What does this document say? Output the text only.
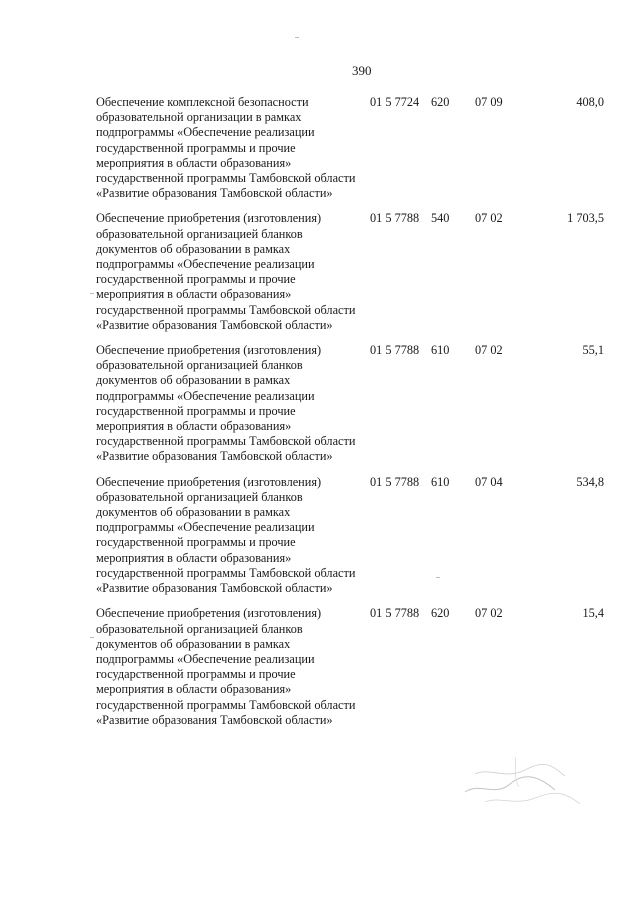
390
Обеспечение комплексной безопасности образовательной организации в рамках подпрограммы «Обеспечение реализации государственной программы и прочие мероприятия в области образования» государственной программы Тамбовской области «Развитие образования Тамбовской области»
01 5 7724 620 07 09	408,0
Обеспечение приобретения (изготовления) образовательной организацией бланков документов об образовании в рамках подпрограммы «Обеспечение реализации государственной программы и прочие мероприятия в области образования» государственной программы Тамбовской области «Развитие образования Тамбовской области»
01 5 7788 540 07 02	1 703,5
Обеспечение приобретения (изготовления) образовательной организацией бланков документов об образовании в рамках подпрограммы «Обеспечение реализации государственной программы и прочие мероприятия в области образования» государственной программы Тамбовской области «Развитие образования Тамбовской области»
01 5 7788 610 07 02	55,1
Обеспечение приобретения (изготовления) образовательной организацией бланков документов об образовании в рамках подпрограммы «Обеспечение реализации государственной программы и прочие мероприятия в области образования» государственной программы Тамбовской области «Развитие образования Тамбовской области»
01 5 7788 610 07 04	534,8
Обеспечение приобретения (изготовления) образовательной организацией бланков документов об образовании в рамках подпрограммы «Обеспечение реализации государственной программы и прочие мероприятия в области образования» государственной программы Тамбовской области «Развитие образования Тамбовской области»
01 5 7788 620 07 02	15,4
